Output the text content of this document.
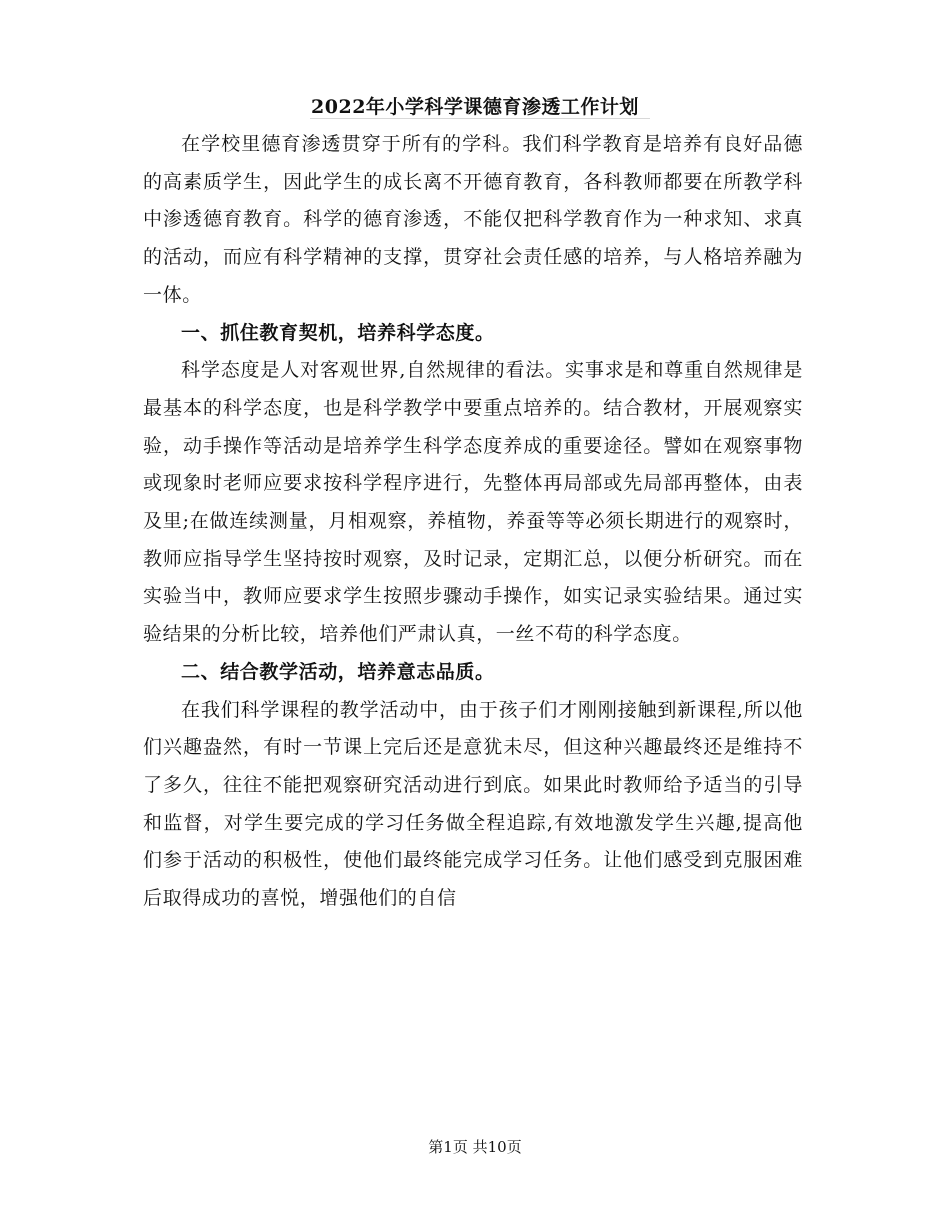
2022年小学科学课德育渗透工作计划

在学校里德育渗透贯穿于所有的学科。我们科学教育是培养有良好品德的高素质学生，因此学生的成长离不开德育教育，各科教师都要在所教学科中渗透德育教育。科学的德育渗透，不能仅把科学教育作为一种求知、求真的活动，而应有科学精神的支撑，贯穿社会责任感的培养，与人格培养融为一体。

一、抓住教育契机，培养科学态度。

科学态度是人对客观世界,自然规律的看法。实事求是和尊重自然规律是最基本的科学态度，也是科学教学中要重点培养的。结合教材，开展观察实验，动手操作等活动是培养学生科学态度养成的重要途径。譬如在观察事物或现象时老师应要求按科学程序进行，先整体再局部或先局部再整体，由表及里;在做连续测量，月相观察，养植物，养蚕等等必须长期进行的观察时，教师应指导学生坚持按时观察，及时记录，定期汇总，以便分析研究。而在实验当中，教师应要求学生按照步骤动手操作，如实记录实验结果。通过实验结果的分析比较，培养他们严肃认真，一丝不苟的科学态度。

二、结合教学活动，培养意志品质。

在我们科学课程的教学活动中，由于孩子们才刚刚接触到新课程,所以他们兴趣盎然，有时一节课上完后还是意犹未尽，但这种兴趣最终还是维持不了多久，往往不能把观察研究活动进行到底。如果此时教师给予适当的引导和监督，对学生要完成的学习任务做全程追踪,有效地激发学生兴趣,提高他们参于活动的积极性，使他们最终能完成学习任务。让他们感受到克服困难后取得成功的喜悦，增强他们的自信

第1页 共10页
